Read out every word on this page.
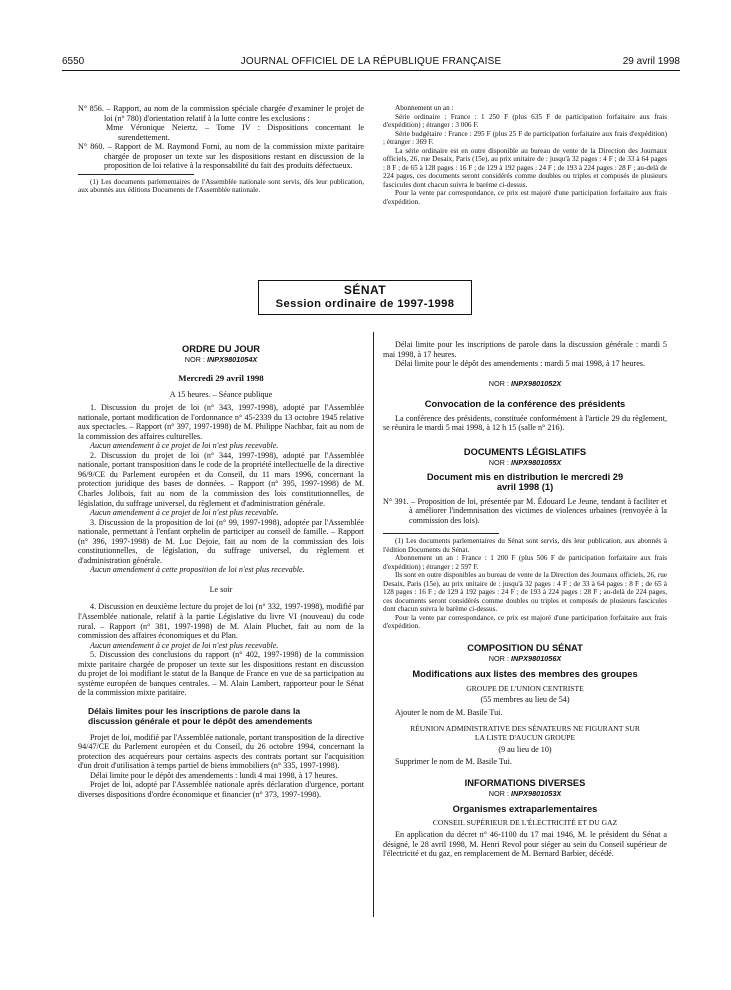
6550	JOURNAL OFFICIEL DE LA RÉPUBLIQUE FRANÇAISE	29 avril 1998

N° 856. – Rapport, au nom de la commission spéciale chargée d'examiner le projet de loi (n° 780) d'orientation relatif à la lutte contre les exclusions :

Mme Véronique Neiertz. – Tome IV : Dispositions concernant le surendettement.

N° 860. – Rapport de M. Raymond Forni, au nom de la commission mixte paritaire chargée de proposer un texte sur les dispositions restant en discussion de la proposition de loi relative à la responsabilité du fait des produits défectueux.

(1) Les documents parlementaires de l'Assemblée nationale sont servis, dès leur publication, aux abonnés aux éditions Documents de l'Assemblée nationale.

Abonnement un an :

Série ordinaire : France : 1 250 F (plus 635 F de participation forfaitaire aux frais d'expédition) ; étranger : 3 006 F.

Série budgétaire : France : 295 F (plus 25 F de participation forfaitaire aux frais d'expédition) ; étranger : 369 F.

La série ordinaire est en outre disponible au bureau de vente de la Direction des Journaux officiels, 26, rue Desaix, Paris (15e), au prix unitaire de : jusqu'à 32 pages : 4 F ; de 33 à 64 pages : 8 F ; de 65 à 128 pages : 16 F ; de 129 à 192 pages : 24 F ; de 193 à 224 pages : 28 F ; au-delà de 224 pages, ces documents seront considérés comme doubles ou triples et composés de plusieurs fascicules dont chacun suivra le barème ci-dessus.

Pour la vente par correspondance, ce prix est majoré d'une participation forfaitaire aux frais d'expédition.

SÉNAT
Session ordinaire de 1997-1998
ORDRE DU JOUR
NOR : INPX9801054X

Mercredi 29 avril 1998

A 15 heures. – Séance publique

1. Discussion du projet de loi (n° 343, 1997-1998), adopté par l'Assemblée nationale, portant modification de l'ordonnance n° 45-2339 du 13 octobre 1945 relative aux spectacles. – Rapport (n° 397, 1997-1998) de M. Philippe Nachbar, fait au nom de la commission des affaires culturelles.

Aucun amendement à ce projet de loi n'est plus recevable.

2. Discussion du projet de loi (n° 344, 1997-1998), adopté par l'Assemblée nationale, portant transposition dans le code de la propriété intellectuelle de la directive 96/9/CE du Parlement européen et du Conseil, du 11 mars 1996, concernant la protection juridique des bases de données. – Rapport (n° 395, 1997-1998) de M. Charles Jolibois, fait au nom de la commission des lois constitutionnelles, de législation, du suffrage universel, du règlement et d'administration générale.

Aucun amendement à ce projet de loi n'est plus recevable.

3. Discussion de la proposition de loi (n° 99, 1997-1998), adoptée par l'Assemblée nationale, permettant à l'enfant orphelin de participer au conseil de famille. – Rapport (n° 396, 1997-1998) de M. Luc Dejoie, fait au nom de la commission des lois constitutionnelles, de législation, du suffrage universel, du règlement et d'administration générale.

Aucun amendement à cette proposition de loi n'est plus recevable.

Le soir

4. Discussion en deuxième lecture du projet de loi (n° 332, 1997-1998), modifié par l'Assemblée nationale, relatif à la partie Législative du livre VI (nouveau) du code rural. – Rapport (n° 381, 1997-1998) de M. Alain Pluchet, fait au nom de la commission des affaires économiques et du Plan.

Aucun amendement à ce projet de loi n'est plus recevable.

5. Discussion des conclusions du rapport (n° 402, 1997-1998) de la commission mixte paritaire chargée de proposer un texte sur les dispositions restant en discussion du projet de loi modifiant le statut de la Banque de France en vue de sa participation au système européen de banques centrales. – M. Alain Lambert, rapporteur pour le Sénat de la commission mixte paritaire.

Délais limites pour les inscriptions de parole dans la discussion générale et pour le dépôt des amendements

Projet de loi, modifié par l'Assemblée nationale, portant transposition de la directive 94/47/CE du Parlement européen et du Conseil, du 26 octobre 1994, concernant la protection des acquéreurs pour certains aspects des contrats portant sur l'acquisition d'un droit d'utilisation à temps partiel de biens immobiliers (n° 335, 1997-1998).

Délai limite pour le dépôt des amendements : lundi 4 mai 1998, à 17 heures.

Projet de loi, adopté par l'Assemblée nationale après déclaration d'urgence, portant diverses dispositions d'ordre économique et financier (n° 373, 1997-1998).

Délai limite pour les inscriptions de parole dans la discussion générale : mardi 5 mai 1998, à 17 heures.

Délai limite pour le dépôt des amendements : mardi 5 mai 1998, à 17 heures.

NOR : INPX9801052X
Convocation de la conférence des présidents

La conférence des présidents, constituée conformément à l'article 29 du règlement, se réunira le mardi 5 mai 1998, à 12 h 15 (salle n° 216).

DOCUMENTS LÉGISLATIFS
NOR : INPX9801055X
Document mis en distribution le mercredi 29 avril 1998 (1)

N° 391. – Proposition de loi, présentée par M. Édouard Le Jeune, tendant à faciliter et à améliorer l'indemnisation des victimes de violences urbaines (renvoyée à la commission des lois).

(1) Les documents parlementaires du Sénat sont servis, dès leur publication, aux abonnés à l'édition Documents du Sénat.

Abonnement un an : France : 1 200 F (plus 506 F de participation forfaitaire aux frais d'expédition) ; étranger : 2 597 F.

Ils sont en outre disponibles au bureau de vente de la Direction des Journaux officiels, 26, rue Desaix, Paris (15e), au prix unitaire de : jusqu'à 32 pages : 4 F ; de 33 à 64 pages : 8 F ; de 65 à 128 pages : 16 F ; de 129 à 192 pages : 24 F ; de 193 à 224 pages : 28 F ; au-delà de 224 pages, ces documents seront considérés comme doubles ou triples et composés de plusieurs fascicules dont chacun suivra le barème ci-dessus.

Pour la vente par correspondance, ce prix est majoré d'une participation forfaitaire aux frais d'expédition.

COMPOSITION DU SÉNAT
NOR : INPX9801056X
Modifications aux listes des membres des groupes

GROUPE DE L'UNION CENTRISTE

(55 membres au lieu de 54)

Ajouter le nom de M. Basile Tui.

RÉUNION ADMINISTRATIVE DES SÉNATEURS NE FIGURANT SUR LA LISTE D'AUCUN GROUPE

(9 au lieu de 10)

Supprimer le nom de M. Basile Tui.

INFORMATIONS DIVERSES
NOR : INPX9801053X
Organismes extraparlementaires

CONSEIL SUPÉRIEUR DE L'ÉLECTRICITÉ ET DU GAZ

En application du décret n° 46-1100 du 17 mai 1946, M. le président du Sénat a désigné, le 28 avril 1998, M. Henri Revol pour siéger au sein du Conseil supérieur de l'électricité et du gaz, en remplacement de M. Bernard Barbier, décédé.
